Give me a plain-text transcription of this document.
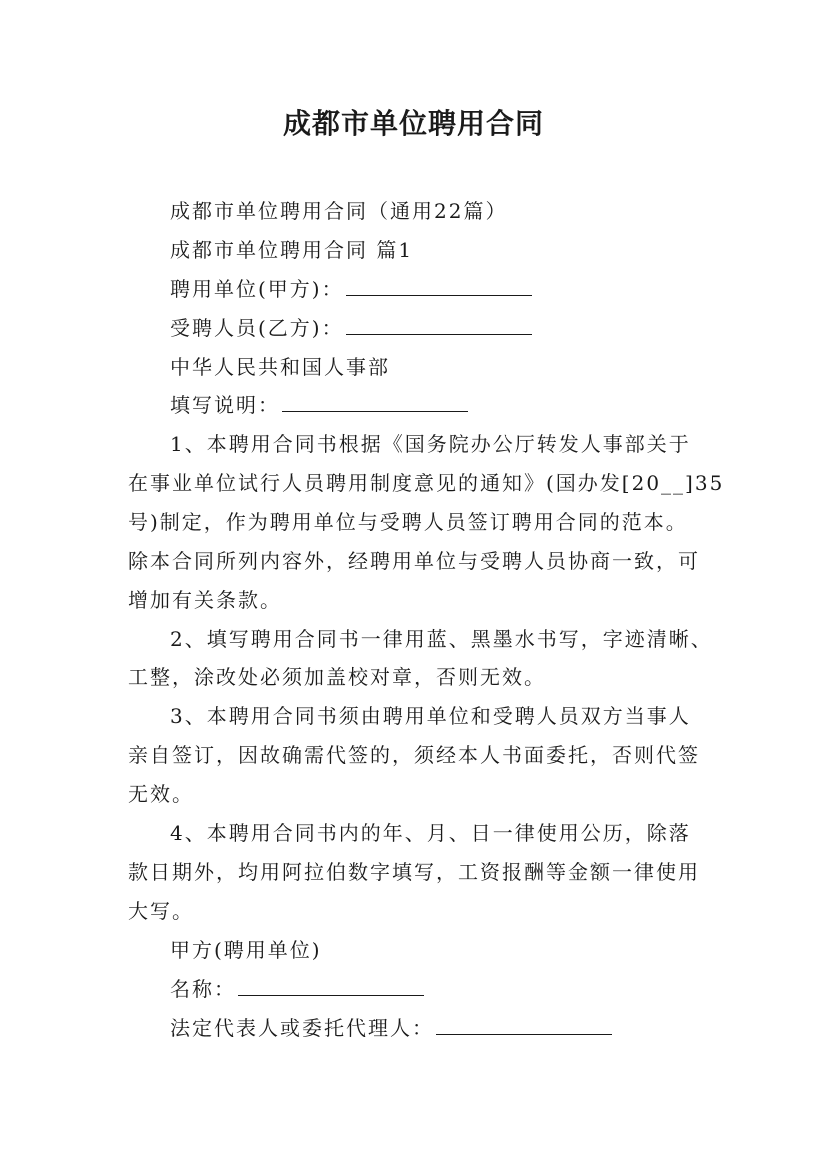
成都市单位聘用合同
成都市单位聘用合同（通用22篇）
成都市单位聘用合同 篇1
聘用单位(甲方)：
受聘人员(乙方)：
中华人民共和国人事部
填写说明：
1、本聘用合同书根据《国务院办公厅转发人事部关于
在事业单位试行人员聘用制度意见的通知》(国办发[20__]35
号)制定，作为聘用单位与受聘人员签订聘用合同的范本。
除本合同所列内容外，经聘用单位与受聘人员协商一致，可
增加有关条款。
2、填写聘用合同书一律用蓝、黑墨水书写，字迹清晰、
工整，涂改处必须加盖校对章，否则无效。
3、本聘用合同书须由聘用单位和受聘人员双方当事人
亲自签订，因故确需代签的，须经本人书面委托，否则代签
无效。
4、本聘用合同书内的年、月、日一律使用公历，除落
款日期外，均用阿拉伯数字填写，工资报酬等金额一律使用
大写。
甲方(聘用单位)
名称：
法定代表人或委托代理人：
